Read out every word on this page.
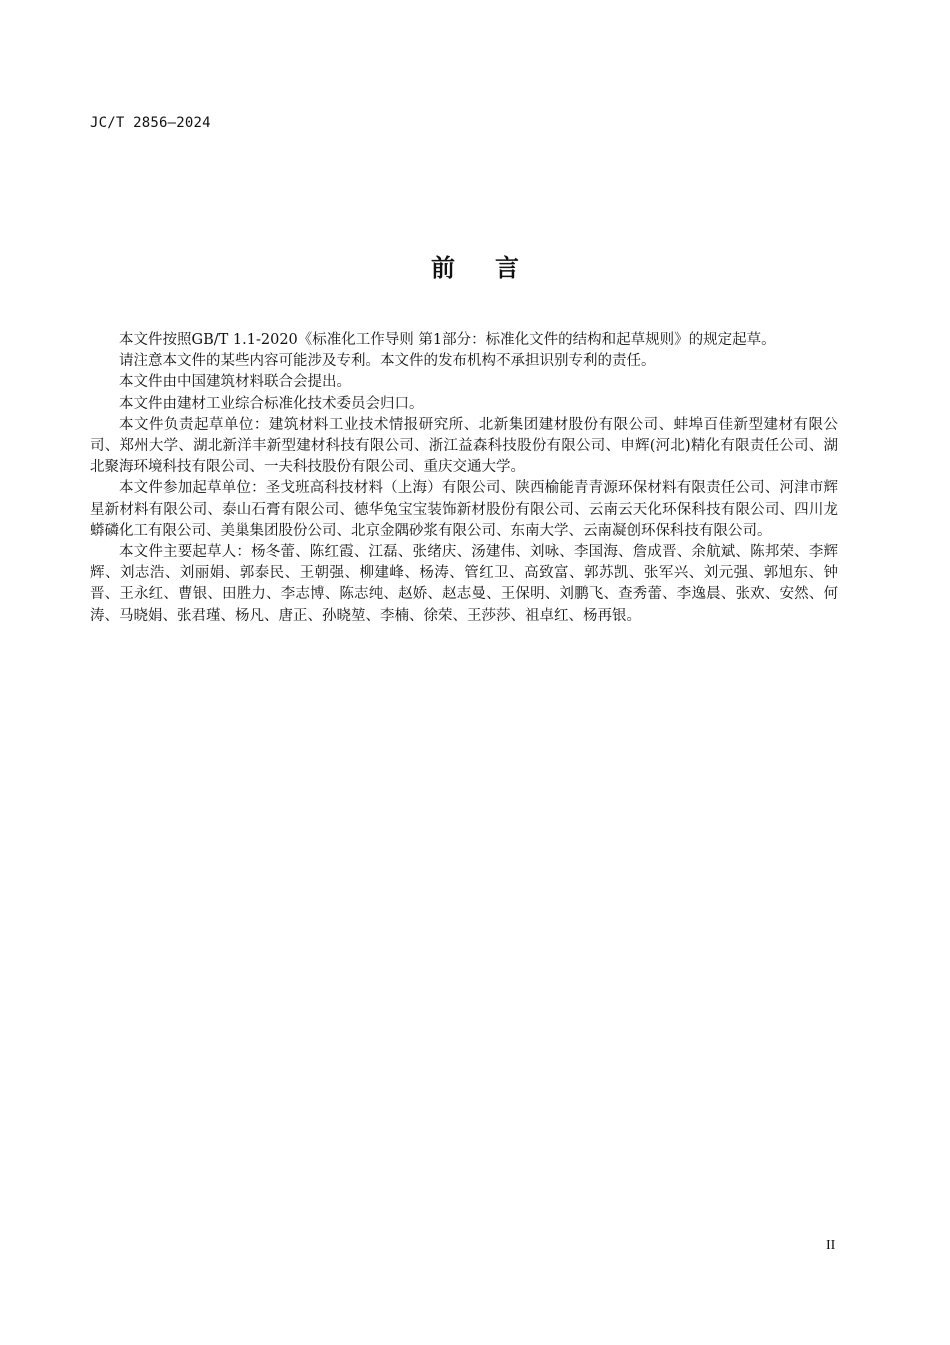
JC/T 2856—2024
前言

本文件按照GB/T 1.1-2020《标准化工作导则 第1部分：标准化文件的结构和起草规则》的规定起草。

请注意本文件的某些内容可能涉及专利。本文件的发布机构不承担识别专利的责任。

本文件由中国建筑材料联合会提出。

本文件由建材工业综合标准化技术委员会归口。

本文件负责起草单位：建筑材料工业技术情报研究所、北新集团建材股份有限公司、蚌埠百佳新型建材有限公司、郑州大学、湖北新洋丰新型建材科技有限公司、浙江益森科技股份有限公司、申辉(河北)精化有限责任公司、湖北聚海环境科技有限公司、一夫科技股份有限公司、重庆交通大学。

本文件参加起草单位：圣戈班高科技材料（上海）有限公司、陕西榆能青青源环保材料有限责任公司、河津市辉星新材料有限公司、泰山石膏有限公司、德华兔宝宝装饰新材股份有限公司、云南云天化环保科技有限公司、四川龙蟒磷化工有限公司、美巢集团股份公司、北京金隅砂浆有限公司、东南大学、云南凝创环保科技有限公司。

本文件主要起草人：杨冬蕾、陈红霞、江磊、张绪庆、汤建伟、刘咏、李国海、詹成晋、余航斌、陈邦荣、李辉辉、刘志浩、刘丽娟、郭泰民、王朝强、柳建峰、杨涛、管红卫、高致富、郭苏凯、张军兴、刘元强、郭旭东、钟晋、王永红、曹银、田胜力、李志博、陈志纯、赵娇、赵志曼、王保明、刘鹏飞、查秀蕾、李逸晨、张欢、安然、何涛、马晓娟、张君瑾、杨凡、唐正、孙晓堃、李楠、徐荣、王莎莎、祖卓红、杨再银。

II
